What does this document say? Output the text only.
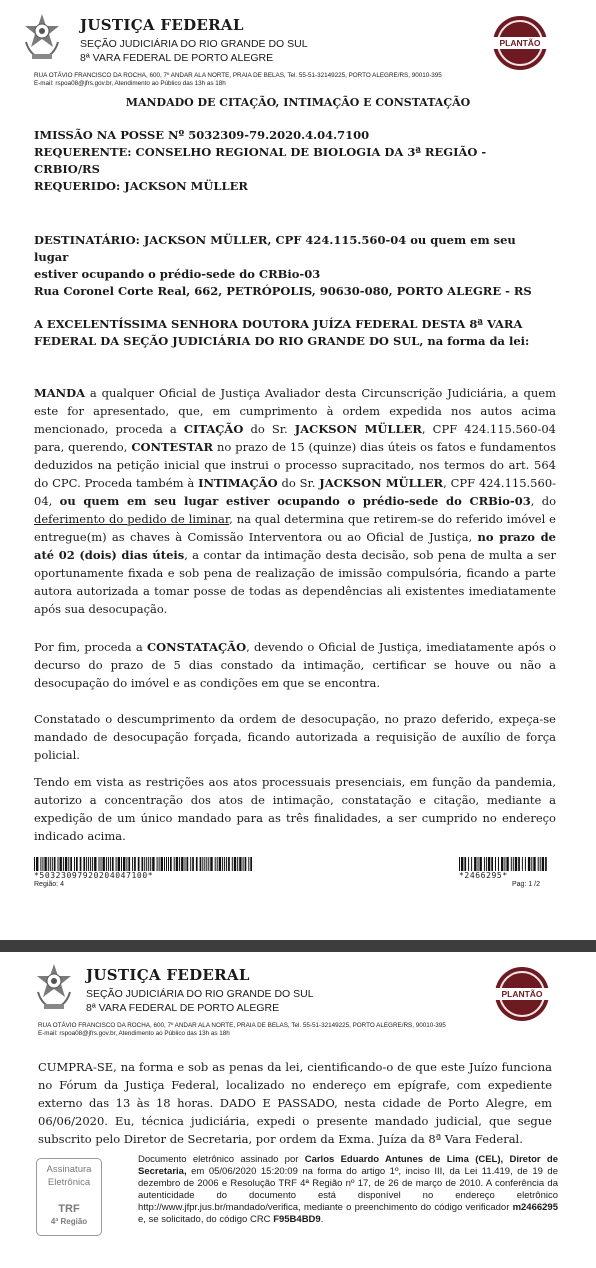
JUSTIÇA FEDERAL
SEÇÃO JUDICIÁRIA DO RIO GRANDE DO SUL
8ª VARA FEDERAL DE PORTO ALEGRE
RUA OTÁVIO FRANCISCO DA ROCHA, 600, 7º ANDAR ALA NORTE, PRAIA DE BELAS, Tel. 55-51-32149225, PORTO ALEGRE/RS, 90010-395
E-mail: rspoa08@jfrs.gov.br, Atendimento ao Público das 13h as 18h
PLANTÃO
MANDADO DE CITAÇÃO, INTIMAÇÃO E CONSTATAÇÃO
IMISSÃO NA POSSE Nº 5032309-79.2020.4.04.7100
REQUERENTE: CONSELHO REGIONAL DE BIOLOGIA DA 3ª REGIÃO -
CRBIO/RS
REQUERIDO: JACKSON MÜLLER
DESTINATÁRIO: JACKSON MÜLLER, CPF 424.115.560-04 ou quem em seu lugar
estiver ocupando o prédio-sede do CRBio-03
Rua Coronel Corte Real, 662, PETRÓPOLIS, 90630-080, PORTO ALEGRE - RS
A EXCELENTÍSSIMA SENHORA DOUTORA JUÍZA FEDERAL DESTA 8ª VARA
FEDERAL DA SEÇÃO JUDICIÁRIA DO RIO GRANDE DO SUL, na forma da lei:
MANDA a qualquer Oficial de Justiça Avaliador desta Circunscrição Judiciária, a quem este for apresentado, que, em cumprimento à ordem expedida nos autos acima mencionado, proceda a CITAÇÃO do Sr. JACKSON MÜLLER, CPF 424.115.560-04 para, querendo, CONTESTAR no prazo de 15 (quinze) dias úteis os fatos e fundamentos deduzidos na petição inicial que instrui o processo supracitado, nos termos do art. 564 do CPC. Proceda também à INTIMAÇÃO do Sr. JACKSON MÜLLER, CPF 424.115.560-04, ou quem em seu lugar estiver ocupando o prédio-sede do CRBio-03, do deferimento do pedido de liminar, na qual determina que retirem-se do referido imóvel e entregue(m) as chaves à Comissão Interventora ou ao Oficial de Justiça, no prazo de até 02 (dois) dias úteis, a contar da intimação desta decisão, sob pena de multa a ser oportunamente fixada e sob pena de realização de imissão compulsória, ficando a parte autora autorizada a tomar posse de todas as dependências ali existentes imediatamente após sua desocupação.
Por fim, proceda a CONSTATAÇÃO, devendo o Oficial de Justiça, imediatamente após o decurso do prazo de 5 dias constado da intimação, certificar se houve ou não a desocupação do imóvel e as condições em que se encontra.
Constatado o descumprimento da ordem de desocupação, no prazo deferido, expeça-se mandado de desocupação forçada, ficando autorizada a requisição de auxílio de força policial.
Tendo em vista as restrições aos atos processuais presenciais, em função da pandemia, autorizo a concentração dos atos de intimação, constatação e citação, mediante a expedição de um único mandado para as três finalidades, a ser cumprido no endereço indicado acima.
*50323097920204047100*
Região: 4
*2466295*
Pag: 1 /2
JUSTIÇA FEDERAL
SEÇÃO JUDICIÁRIA DO RIO GRANDE DO SUL
8ª VARA FEDERAL DE PORTO ALEGRE
RUA OTÁVIO FRANCISCO DA ROCHA, 600, 7º ANDAR ALA NORTE, PRAIA DE BELAS, Tel. 55-51-32149225, PORTO ALEGRE/RS, 90010-395
E-mail: rspoa08@jfrs.gov.br, Atendimento ao Público das 13h as 18h
PLANTÃO
CUMPRA-SE, na forma e sob as penas da lei, cientificando-o de que este Juízo funciona no Fórum da Justiça Federal, localizado no endereço em epígrafe, com expediente externo das 13 às 18 horas. DADO E PASSADO, nesta cidade de Porto Alegre, em 06/06/2020. Eu, técnica judiciária, expedi o presente mandado judicial, que segue subscrito pelo Diretor de Secretaria, por ordem da Exma. Juíza da 8ª Vara Federal.
Assinatura
Eletrônica
TRF
4ª Região
Documento eletrônico assinado por Carlos Eduardo Antunes de Lima (CEL), Diretor de Secretaria, em 05/06/2020 15:20:09 na forma do artigo 1º, inciso III, da Lei 11.419, de 19 de dezembro de 2006 e Resolução TRF 4ª Região nº 17, de 26 de março de 2010. A conferência da autenticidade do documento está disponível no endereço eletrônico http://www.jfpr.jus.br/mandado/verifica, mediante o preenchimento do código verificador m2466295 e, se solicitado, do código CRC F95B4BD9.
